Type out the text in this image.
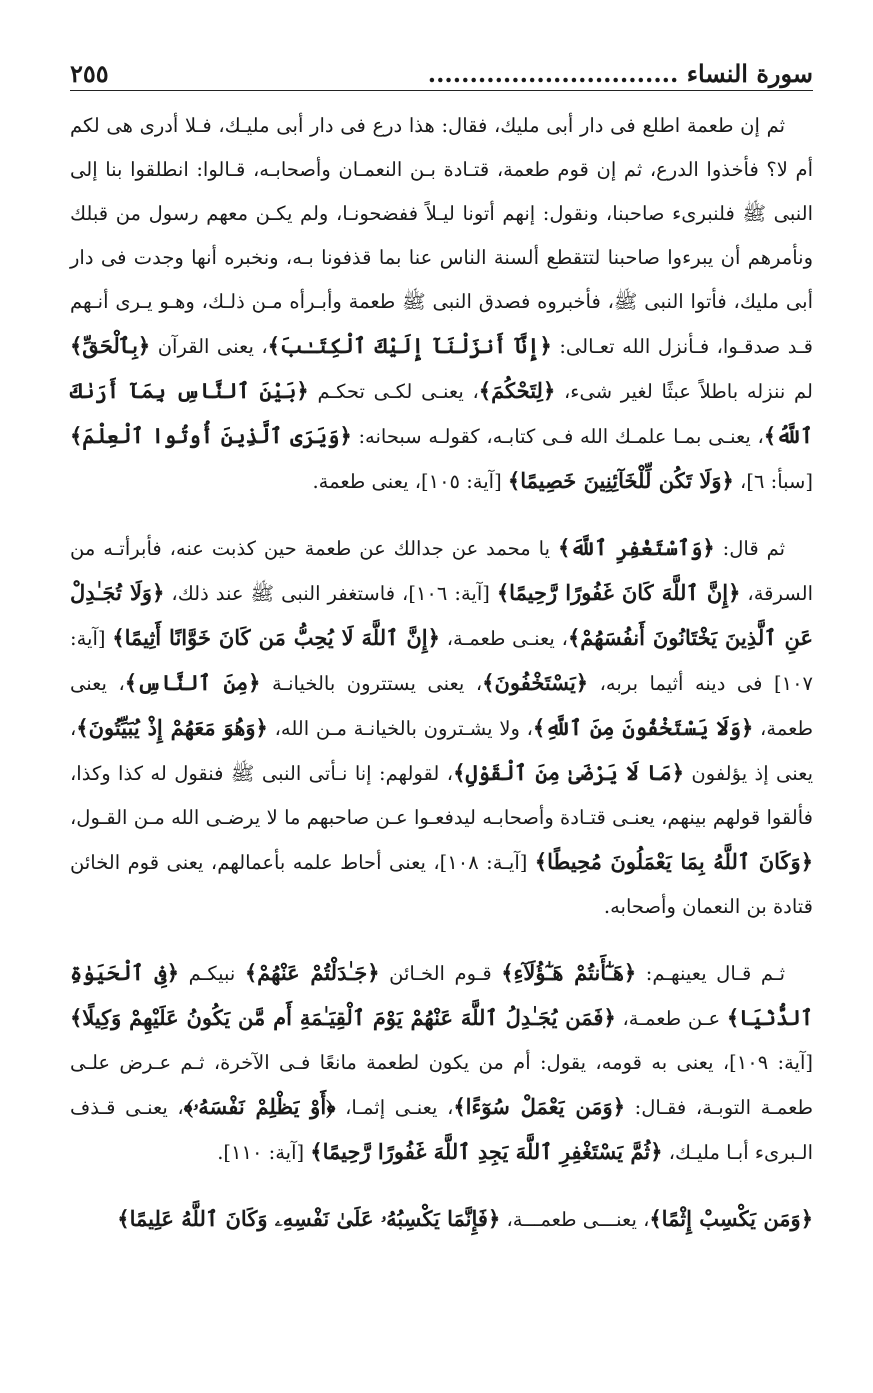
سورة النساء ..............................
٢٥٥

ثم إن طعمة اطلع فى دار أبى مليك، فقال: هذا درع فى دار أبى مليـك، فـلا أدرى هى لكم أم لا؟ فأخذوا الدرع، ثم إن قوم طعمة، قتـادة بـن النعمـان وأصحابـه، قـالوا: انطلقوا بنا إلى النبى ﷺ فلنبرىء صاحبنا، ونقول: إنهم أتونا ليـلاً ففضحونـا، ولم يكـن معهم رسول من قبلك ونأمرهم أن يبرءوا صاحبنا لتتقطع ألسنة الناس عنا بما قذفونا بـه، ونخبره أنها وجدت فى دار أبى مليك، فأتوا النبى ﷺ، فأخبروه فصدق النبى ﷺ طعمة وأبـرأه مـن ذلـك، وهـو يـرى أنـهم قـد صدقـوا، فـأنزل الله تعـالى: ﴿إِنَّآ أَنزَلْنَآ إِلَيْكَ ٱلْكِتَـٰبَ﴾، يعنى القرآن ﴿بِٱلْحَقِّ﴾ لم ننزله باطلاً عبثًا لغير شىء، ﴿لِتَحْكُمَ﴾، يعنـى لكـى تحكـم ﴿بَيْنَ ٱلنَّاسِ بِمَآ أَرَىٰكَ ٱللَّهُ﴾، يعنـى بمـا علمـك الله فـى كتابـه، كقولـه سبحانه: ﴿وَيَرَى ٱلَّذِينَ أُوتُوا ٱلْعِلْمَ﴾ [سبأ: ٦]، ﴿وَلَا تَكُن لِّلْخَآئِنِينَ خَصِيمًا﴾ [آية: ١٠٥]، يعنى طعمة.

ثم قال: ﴿وَٱسْتَغْفِرِ ٱللَّهَ﴾ يا محمد عن جدالك عن طعمة حين كذبت عنه، فأبرأتـه من السرقة، ﴿إِنَّ ٱللَّهَ كَانَ غَفُورًا رَّحِيمًا﴾ [آية: ١٠٦]، فاستغفر النبى ﷺ عند ذلك، ﴿وَلَا تُجَـٰدِلْ عَنِ ٱلَّذِينَ يَخْتَانُونَ أَنفُسَهُمْ﴾، يعنـى طعمـة، ﴿إِنَّ ٱللَّهَ لَا يُحِبُّ مَن كَانَ خَوَّانًا أَثِيمًا﴾ [آية: ١٠٧] فى دينه أثيما بربه، ﴿يَسْتَخْفُونَ﴾، يعنى يستترون بالخيانـة ﴿مِنَ ٱلنَّاسِ﴾، يعنى طعمة، ﴿وَلَا يَسْتَخْفُونَ مِنَ ٱللَّهِ﴾، ولا يشـترون بالخيانـة مـن الله، ﴿وَهُوَ مَعَهُمْ إِذْ يُبَيِّتُونَ﴾، يعنى إذ يؤلفون ﴿مَا لَا يَرْضَىٰ مِنَ ٱلْقَوْلِ﴾، لقولهم: إنا نـأتى النبى ﷺ فنقول له كذا وكذا، فألقوا قولهم بينهم، يعنـى قتـادة وأصحابـه ليدفعـوا عـن صاحبهم ما لا يرضـى الله مـن القـول، ﴿وَكَانَ ٱللَّهُ بِمَا يَعْمَلُونَ مُحِيطًا﴾ [آيـة: ١٠٨]، يعنى أحاط علمه بأعمالهم، يعنى قوم الخائن قتادة بن النعمان وأصحابه.

ثـم قـال يعينهـم: ﴿هَـٰٓأَنتُمْ هَـٰٓؤُلَآءِ﴾ قـوم الخـائن ﴿جَـٰدَلْتُمْ عَنْهُمْ﴾ نبيكـم ﴿فِى ٱلْحَيَوٰةِ ٱلدُّنْيَا﴾ عـن طعمـة، ﴿فَمَن يُجَـٰدِلُ ٱللَّهَ عَنْهُمْ يَوْمَ ٱلْقِيَـٰمَةِ أَم مَّن يَكُونُ عَلَيْهِمْ وَكِيلًا﴾ [آية: ١٠٩]، يعنى به قومه، يقول: أم من يكون لطعمة مانعًا فـى الآخرة، ثـم عـرض علـى طعمـة التوبـة، فقـال: ﴿وَمَن يَعْمَلْ سُوٓءًا﴾، يعنـى إثمـا، ﴿أَوْ يَظْلِمْ نَفْسَهُۥ﴾، يعنـى قـذف الـبرىء أبـا مليـك، ﴿ثُمَّ يَسْتَغْفِرِ ٱللَّهَ يَجِدِ ٱللَّهَ غَفُورًا رَّحِيمًا﴾ [آية: ١١٠].

﴿وَمَن يَكْسِبْ إِثْمًا﴾، يعنـــى طعمـــة، ﴿فَإِنَّمَا يَكْسِبُهُۥ عَلَىٰ نَفْسِهِۦ وَكَانَ ٱللَّهُ عَلِيمًا﴾
